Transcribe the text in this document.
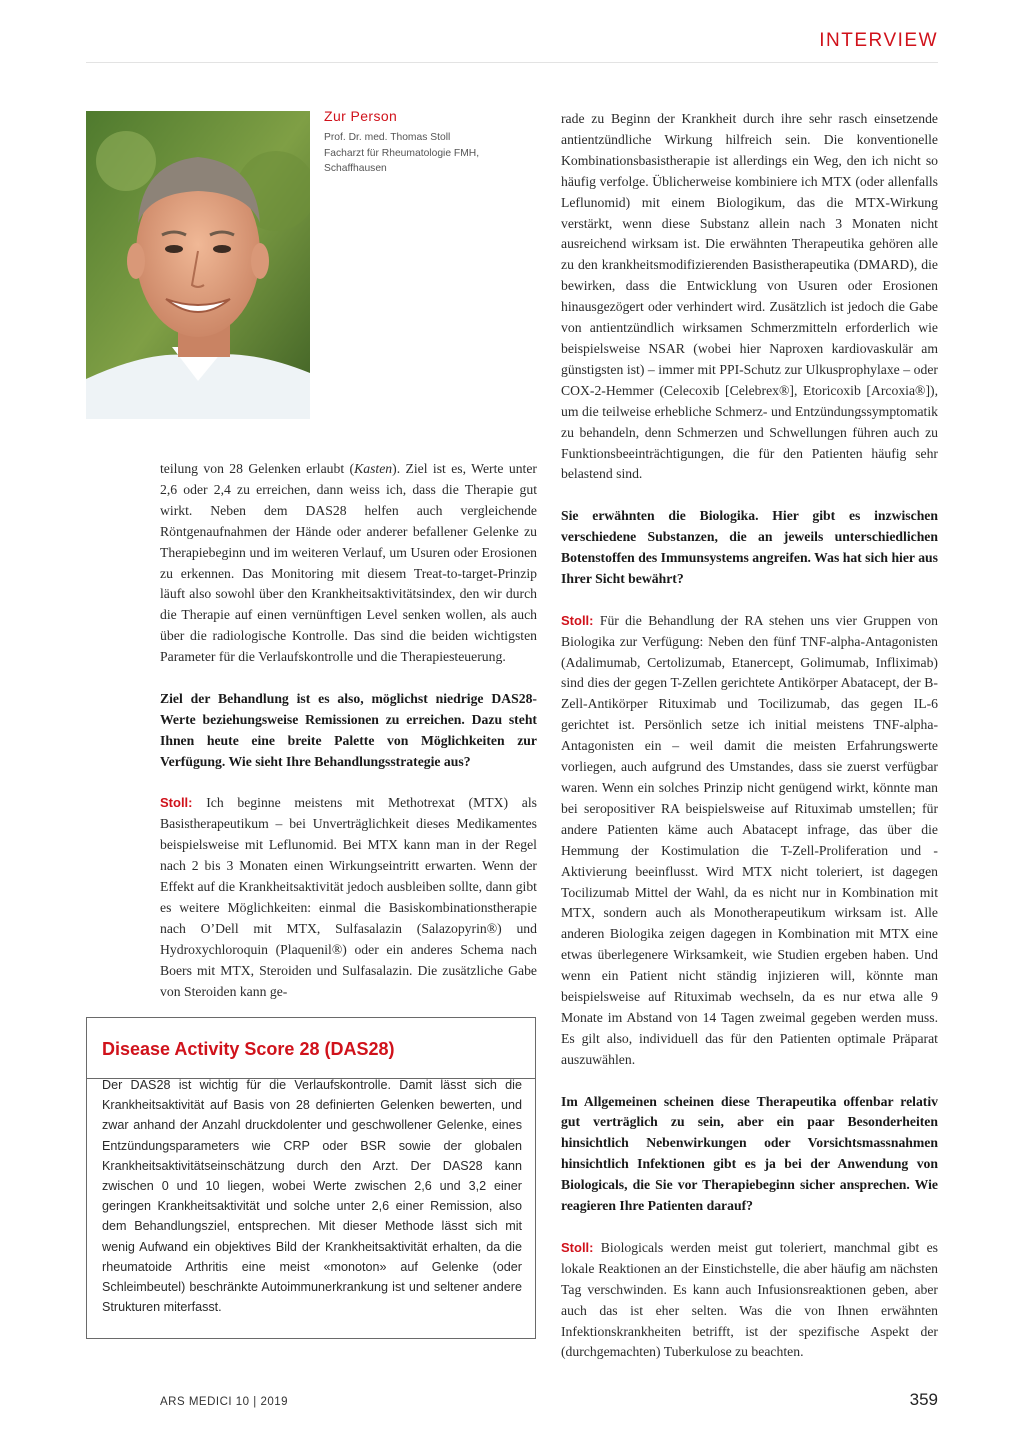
INTERVIEW

Zur Person

Prof. Dr. med. Thomas Stoll

Facharzt für Rheumatologie FMH,

Schaffhausen

teilung von 28 Gelenken erlaubt (Kasten). Ziel ist es, Werte unter 2,6 oder 2,4 zu erreichen, dann weiss ich, dass die Therapie gut wirkt. Neben dem DAS28 helfen auch vergleichende Röntgenaufnahmen der Hände oder anderer befallener Gelenke zu Therapiebeginn und im weiteren Verlauf, um Usuren oder Erosionen zu erkennen. Das Monitoring mit diesem Treat-to-target-Prinzip läuft also sowohl über den Krankheitsaktivitätsindex, den wir durch die Therapie auf einen vernünftigen Level senken wollen, als auch über die radiologische Kontrolle. Das sind die beiden wichtigsten Parameter für die Verlaufskontrolle und die Therapiesteuerung.

Ziel der Behandlung ist es also, möglichst niedrige DAS28-Werte beziehungsweise Remissionen zu erreichen. Dazu steht Ihnen heute eine breite Palette von Möglichkeiten zur Verfügung. Wie sieht Ihre Behandlungsstrategie aus?

Stoll: Ich beginne meistens mit Methotrexat (MTX) als Basistherapeutikum – bei Unverträglichkeit dieses Medikamentes beispielsweise mit Leflunomid. Bei MTX kann man in der Regel nach 2 bis 3 Monaten einen Wirkungseintritt erwarten. Wenn der Effekt auf die Krankheitsaktivität jedoch ausbleiben sollte, dann gibt es weitere Möglichkeiten: einmal die Basiskombinationstherapie nach O’Dell mit MTX, Sulfasalazin (Salazopyrin®) und Hydroxychloroquin (Plaquenil®) oder ein anderes Schema nach Boers mit MTX, Steroiden und Sulfasalazin. Die zusätzliche Gabe von Steroiden kann ge-

rade zu Beginn der Krankheit durch ihre sehr rasch einsetzende antientzündliche Wirkung hilfreich sein. Die konventionelle Kombinationsbasistherapie ist allerdings ein Weg, den ich nicht so häufig verfolge. Üblicherweise kombiniere ich MTX (oder allenfalls Leflunomid) mit einem Biologikum, das die MTX-Wirkung verstärkt, wenn diese Substanz allein nach 3 Monaten nicht ausreichend wirksam ist. Die erwähnten Therapeutika gehören alle zu den krankheitsmodifizierenden Basistherapeutika (DMARD), die bewirken, dass die Entwicklung von Usuren oder Erosionen hinausgezögert oder verhindert wird. Zusätzlich ist jedoch die Gabe von antientzündlich wirksamen Schmerzmitteln erforderlich wie beispielsweise NSAR (wobei hier Naproxen kardiovaskulär am günstigsten ist) – immer mit PPI-Schutz zur Ulkusprophylaxe – oder COX-2-Hemmer (Celecoxib [Celebrex®], Etoricoxib [Arcoxia®]), um die teilweise erhebliche Schmerz- und Entzündungssymptomatik zu behandeln, denn Schmerzen und Schwellungen führen auch zu Funktionsbeeinträchtigungen, die für den Patienten häufig sehr belastend sind.

Sie erwähnten die Biologika. Hier gibt es inzwischen verschiedene Substanzen, die an jeweils unterschiedlichen Botenstoffen des Immunsystems angreifen. Was hat sich hier aus Ihrer Sicht bewährt?

Stoll: Für die Behandlung der RA stehen uns vier Gruppen von Biologika zur Verfügung: Neben den fünf TNF-alpha-Antagonisten (Adalimumab, Certolizumab, Etanercept, Golimumab, Infliximab) sind dies der gegen T-Zellen gerichtete Antikörper Abatacept, der B-Zell-Antikörper Rituximab und Tocilizumab, das gegen IL-6 gerichtet ist. Persönlich setze ich initial meistens TNF-alpha-Antagonisten ein – weil damit die meisten Erfahrungswerte vorliegen, auch aufgrund des Umstandes, dass sie zuerst verfügbar waren. Wenn ein solches Prinzip nicht genügend wirkt, könnte man bei seropositiver RA beispielsweise auf Rituximab umstellen; für andere Patienten käme auch Abatacept infrage, das über die Hemmung der Kostimulation die T-Zell-Proliferation und -Aktivierung beeinflusst. Wird MTX nicht toleriert, ist dagegen Tocilizumab Mittel der Wahl, da es nicht nur in Kombination mit MTX, sondern auch als Monotherapeutikum wirksam ist. Alle anderen Biologika zeigen dagegen in Kombination mit MTX eine etwas überlegenere Wirksamkeit, wie Studien ergeben haben. Und wenn ein Patient nicht ständig injizieren will, könnte man beispielsweise auf Rituximab wechseln, da es nur etwa alle 9 Monate im Abstand von 14 Tagen zweimal gegeben werden muss. Es gilt also, individuell das für den Patienten optimale Präparat auszuwählen.

Im Allgemeinen scheinen diese Therapeutika offenbar relativ gut verträglich zu sein, aber ein paar Besonderheiten hinsichtlich Nebenwirkungen oder Vorsichtsmassnahmen hinsichtlich Infektionen gibt es ja bei der Anwendung von Biologicals, die Sie vor Therapiebeginn sicher ansprechen. Wie reagieren Ihre Patienten darauf?

Stoll: Biologicals werden meist gut toleriert, manchmal gibt es lokale Reaktionen an der Einstichstelle, die aber häufig am nächsten Tag verschwinden. Es kann auch Infusionsreaktionen geben, aber auch das ist eher selten. Was die von Ihnen erwähnten Infektionskrankheiten betrifft, ist der spezifische Aspekt der (durchgemachten) Tuberkulose zu beachten.

Disease Activity Score 28 (DAS28)

Der DAS28 ist wichtig für die Verlaufskontrolle. Damit lässt sich die Krankheitsaktivität auf Basis von 28 definierten Gelenken bewerten, und zwar anhand der Anzahl druckdolenter und geschwollener Gelenke, eines Entzündungsparameters wie CRP oder BSR sowie der globalen Krankheitsaktivitätseinschätzung durch den Arzt. Der DAS28 kann zwischen 0 und 10 liegen, wobei Werte zwischen 2,6 und 3,2 einer geringen Krankheitsaktivität und solche unter 2,6 einer Remission, also dem Behandlungsziel, entsprechen. Mit dieser Methode lässt sich mit wenig Aufwand ein objektives Bild der Krankheitsaktivität erhalten, da die rheumatoide Arthritis eine meist «monoton» auf Gelenke (oder Schleimbeutel) beschränkte Autoimmunerkrankung ist und seltener andere Strukturen miterfasst.

ARS MEDICI 10 | 2019	359
